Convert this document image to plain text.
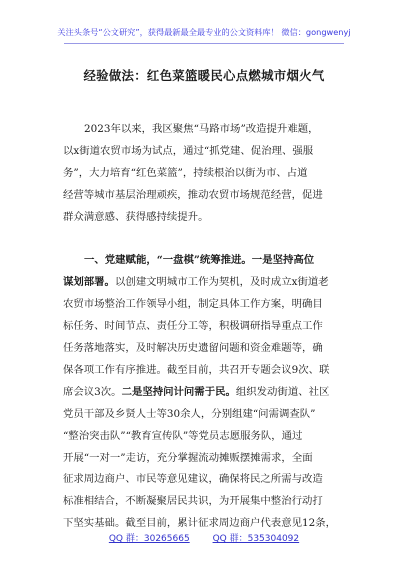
关注头条号“公文研究”，获得最新最全最专业的公文资料库！ 微信：gongwenyj
经验做法：红色菜篮暖民心点燃城市烟火气

2023年以来，我区聚焦“马路市场”改造提升难题，

以x街道农贸市场为试点，通过“抓党建、促治理、强服

务”，大力培育“红色菜篮”，持续根治以街为市、占道

经营等城市基层治理顽疾，推动农贸市场规范经营，促进

群众满意感、获得感持续提升。

一、党建赋能，“一盘棋”统筹推进。一是坚持高位

谋划部署。以创建文明城市工作为契机，及时成立x街道老

农贸市场整治工作领导小组，制定具体工作方案，明确目

标任务、时间节点、责任分工等，积极调研指导重点工作

任务落地落实，及时解决历史遗留问题和资金难题等，确

保各项工作有序推进。截至目前，共召开专题会议9次、联

席会议3次。二是坚持问计问需于民。组织发动街道、社区

党员干部及乡贤人士等30余人，分别组建“问需调查队”

“整治突击队”“教育宣传队”等党员志愿服务队，通过

开展“一对一”走访，充分掌握流动摊贩摆摊需求，全面

征求周边商户、市民等意见建议，确保将民之所需与改造

标准相结合，不断凝聚居民共识，为开展集中整治行动打

下坚实基础。截至目前，累计征求周边商户代表意见12条，

QQ 群：30265665	QQ 群：535304092
